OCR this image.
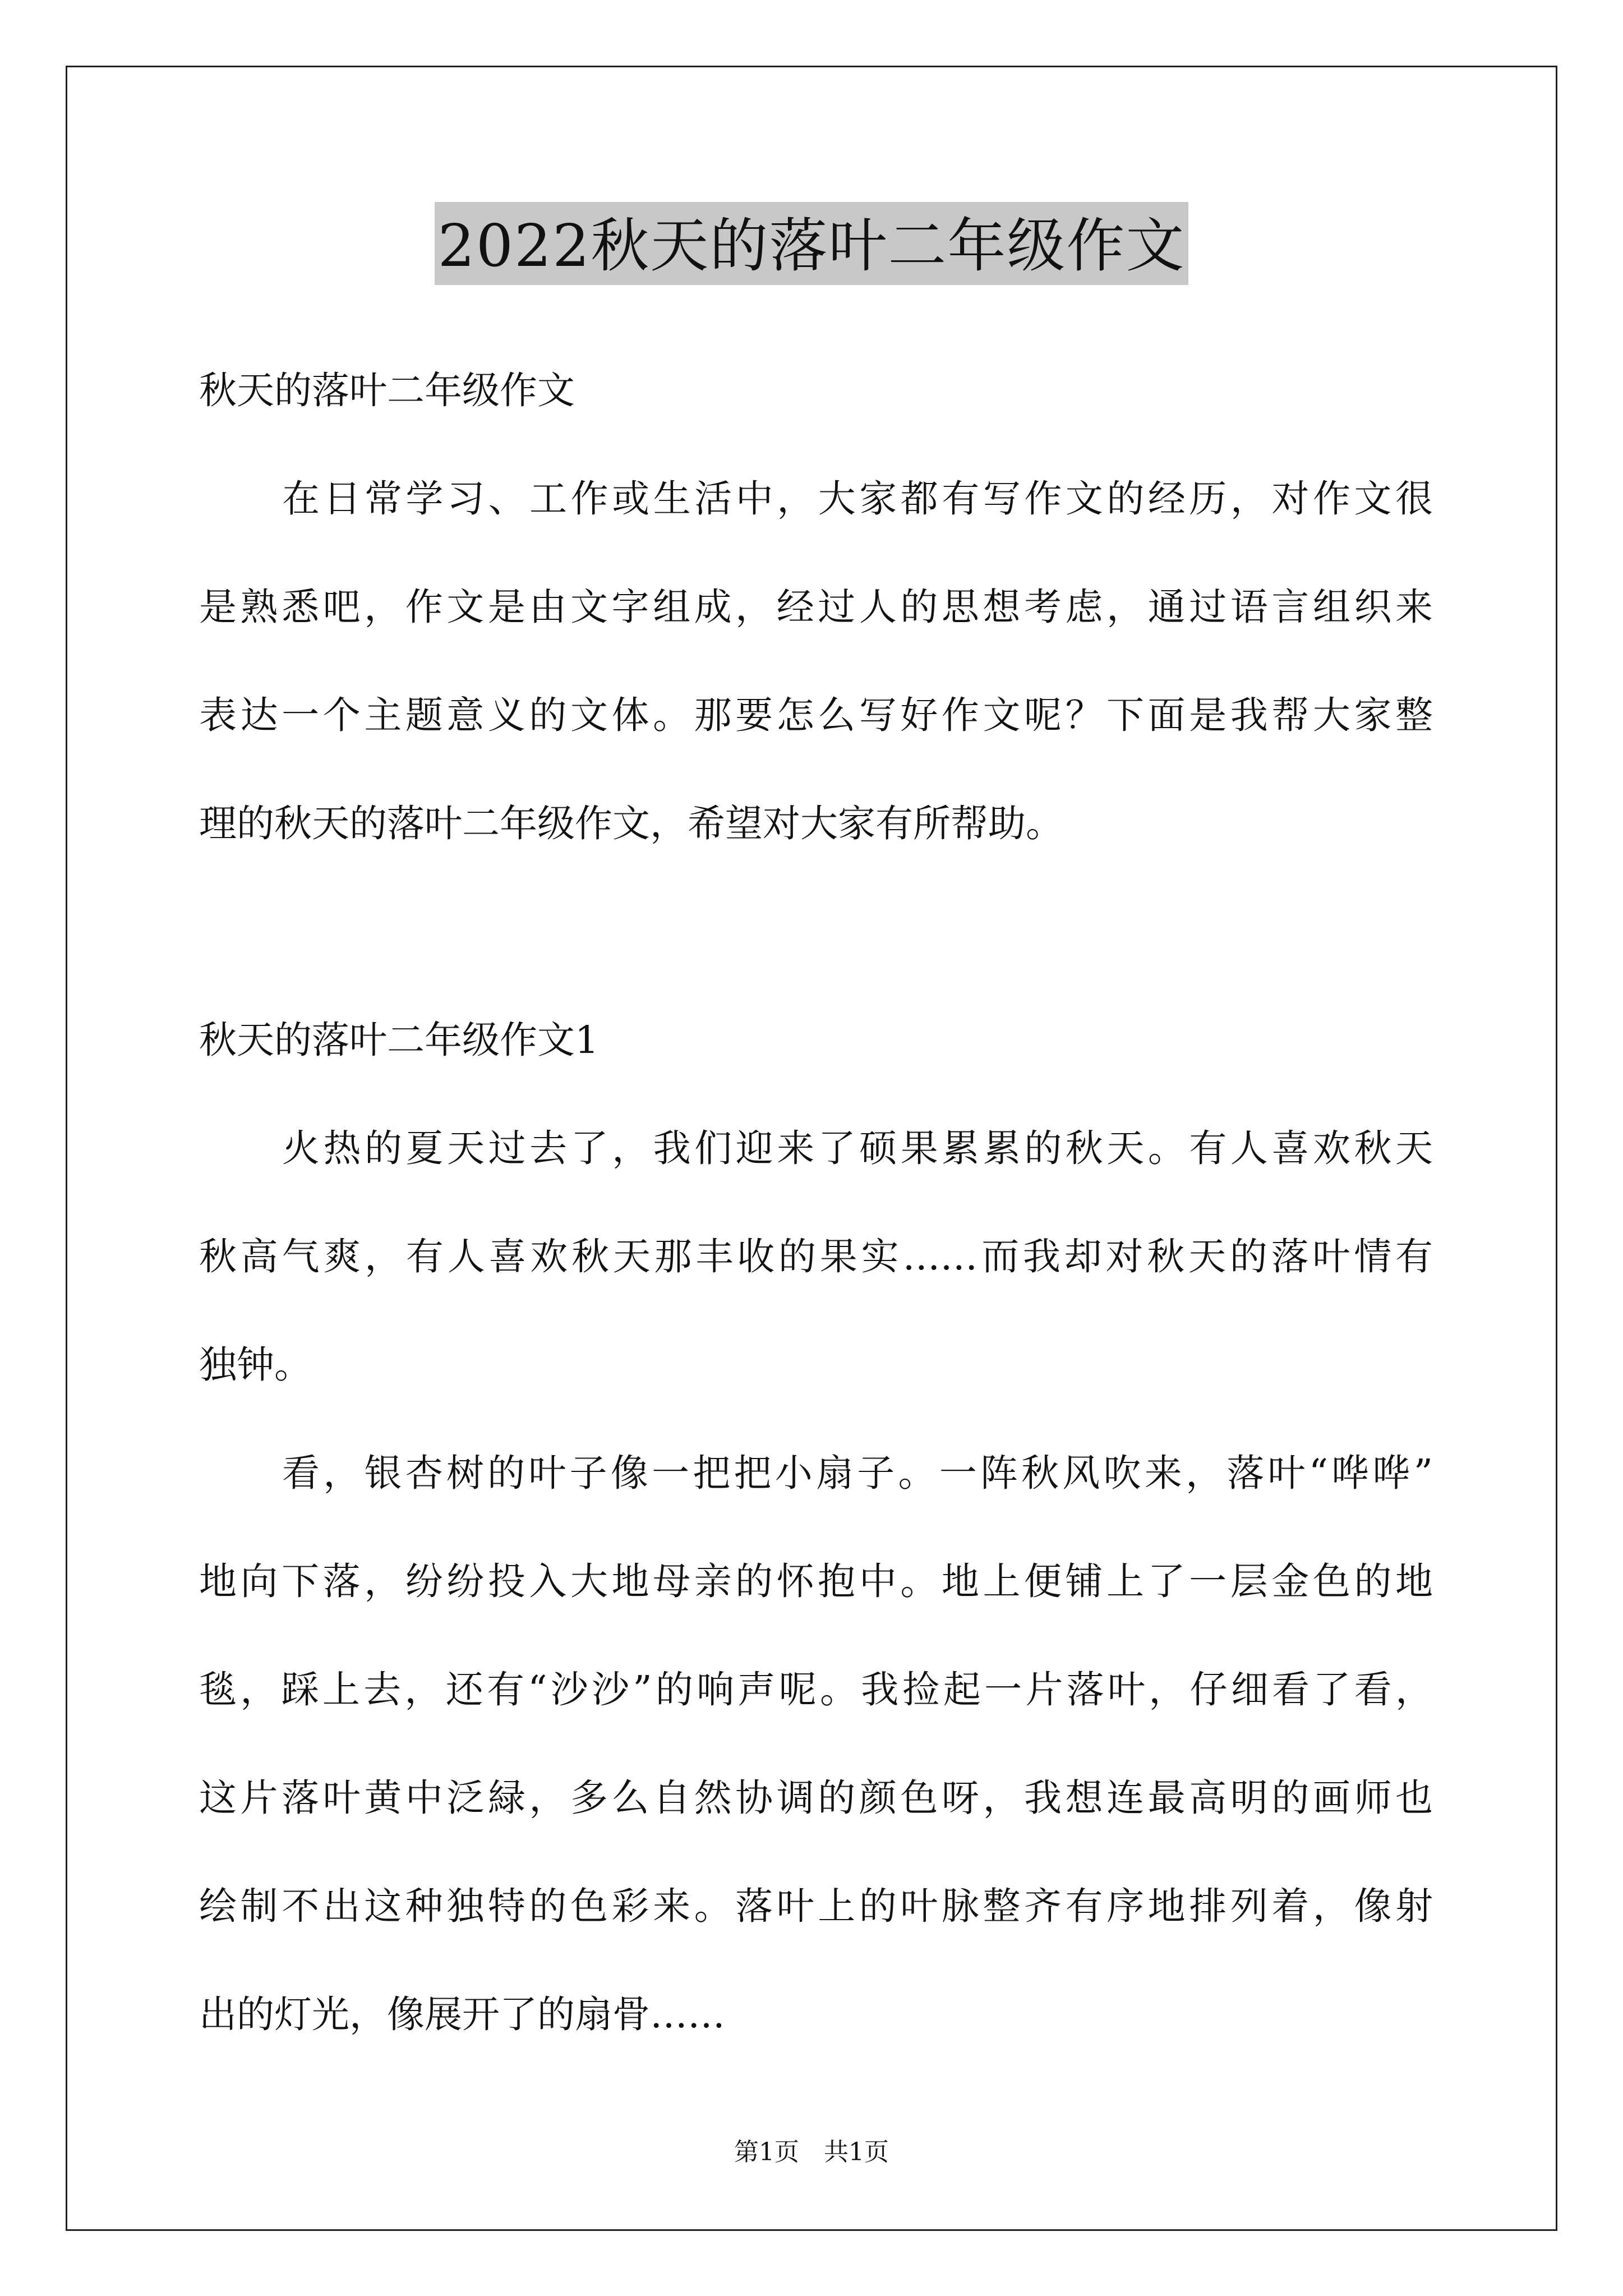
2022秋天的落叶二年级作文

秋天的落叶二年级作文

在日常学习、工作或生活中，大家都有写作文的经历，对作文很
是熟悉吧，作文是由文字组成，经过人的思想考虑，通过语言组织来
表达一个主题意义的文体。那要怎么写好作文呢？下面是我帮大家整
理的秋天的落叶二年级作文，希望对大家有所帮助。

秋天的落叶二年级作文1

火热的夏天过去了，我们迎来了硕果累累的秋天。有人喜欢秋天
秋高气爽，有人喜欢秋天那丰收的果实……而我却对秋天的落叶情有
独钟。
看，银杏树的叶子像一把把小扇子。一阵秋风吹来，落叶“哗哗”
地向下落，纷纷投入大地母亲的怀抱中。地上便铺上了一层金色的地
毯，踩上去，还有“沙沙”的响声呢。我捡起一片落叶，仔细看了看，
这片落叶黄中泛緑，多么自然协调的颜色呀，我想连最高明的画师也
绘制不出这种独特的色彩来。落叶上的叶脉整齐有序地排列着，像射
出的灯光，像展开了的扇骨……
第1页　共1页
